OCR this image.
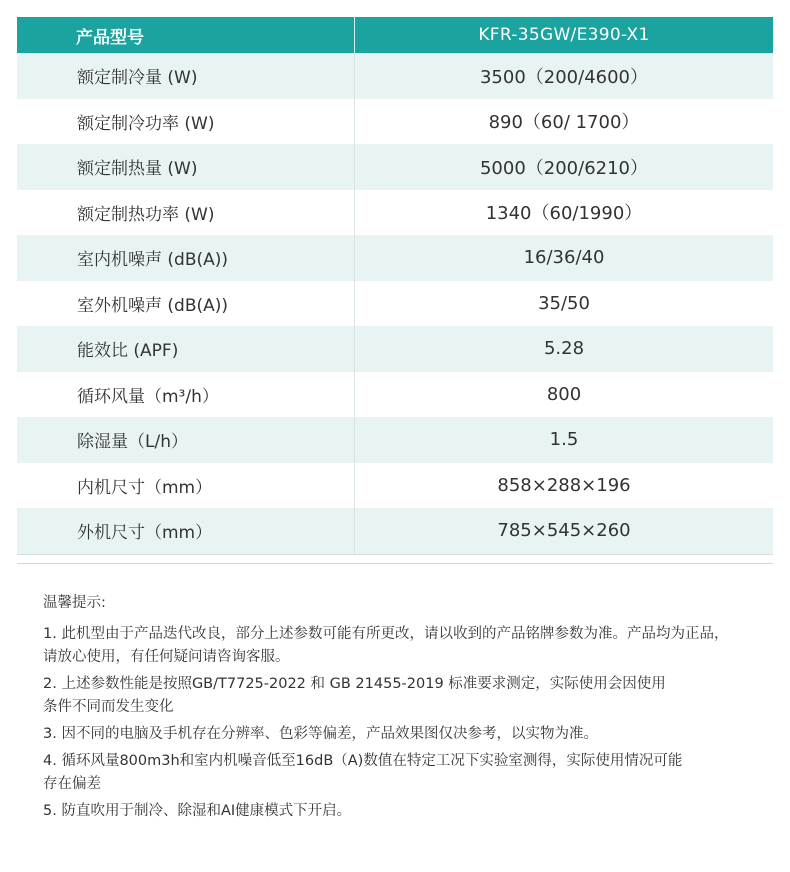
产品型号	KFR-35GW/E390-X1
额定制冷量 (W)	3500（200/4600）
额定制冷功率 (W)	890（60/ 1700）
额定制热量 (W)	5000（200/6210）
额定制热功率 (W)	1340（60/1990）
室内机噪声 (dB(A))	16/36/40
室外机噪声 (dB(A))	35/50
能效比 (APF)	5.28
循环风量（m³/h）	800
除湿量（L/h）	1.5
内机尺寸（mm）	858×288×196
外机尺寸（mm）	785×545×260
温馨提示:
1. 此机型由于产品迭代改良，部分上述参数可能有所更改，请以收到的产品铭牌参数为准。产品均为正品，
请放心使用，有任何疑问请咨询客服。
2. 上述参数性能是按照GB/T7725-2022 和 GB 21455-2019 标准要求测定，实际使用会因使用
条件不同而发生变化
3. 因不同的电脑及手机存在分辨率、色彩等偏差，产品效果图仅决参考，以实物为准。
4. 循环风量800m3h和室内机噪音低至16dB（A)数值在特定工况下实验室测得，实际使用情况可能
存在偏差
5. 防直吹用于制冷、除湿和AI健康模式下开启。
